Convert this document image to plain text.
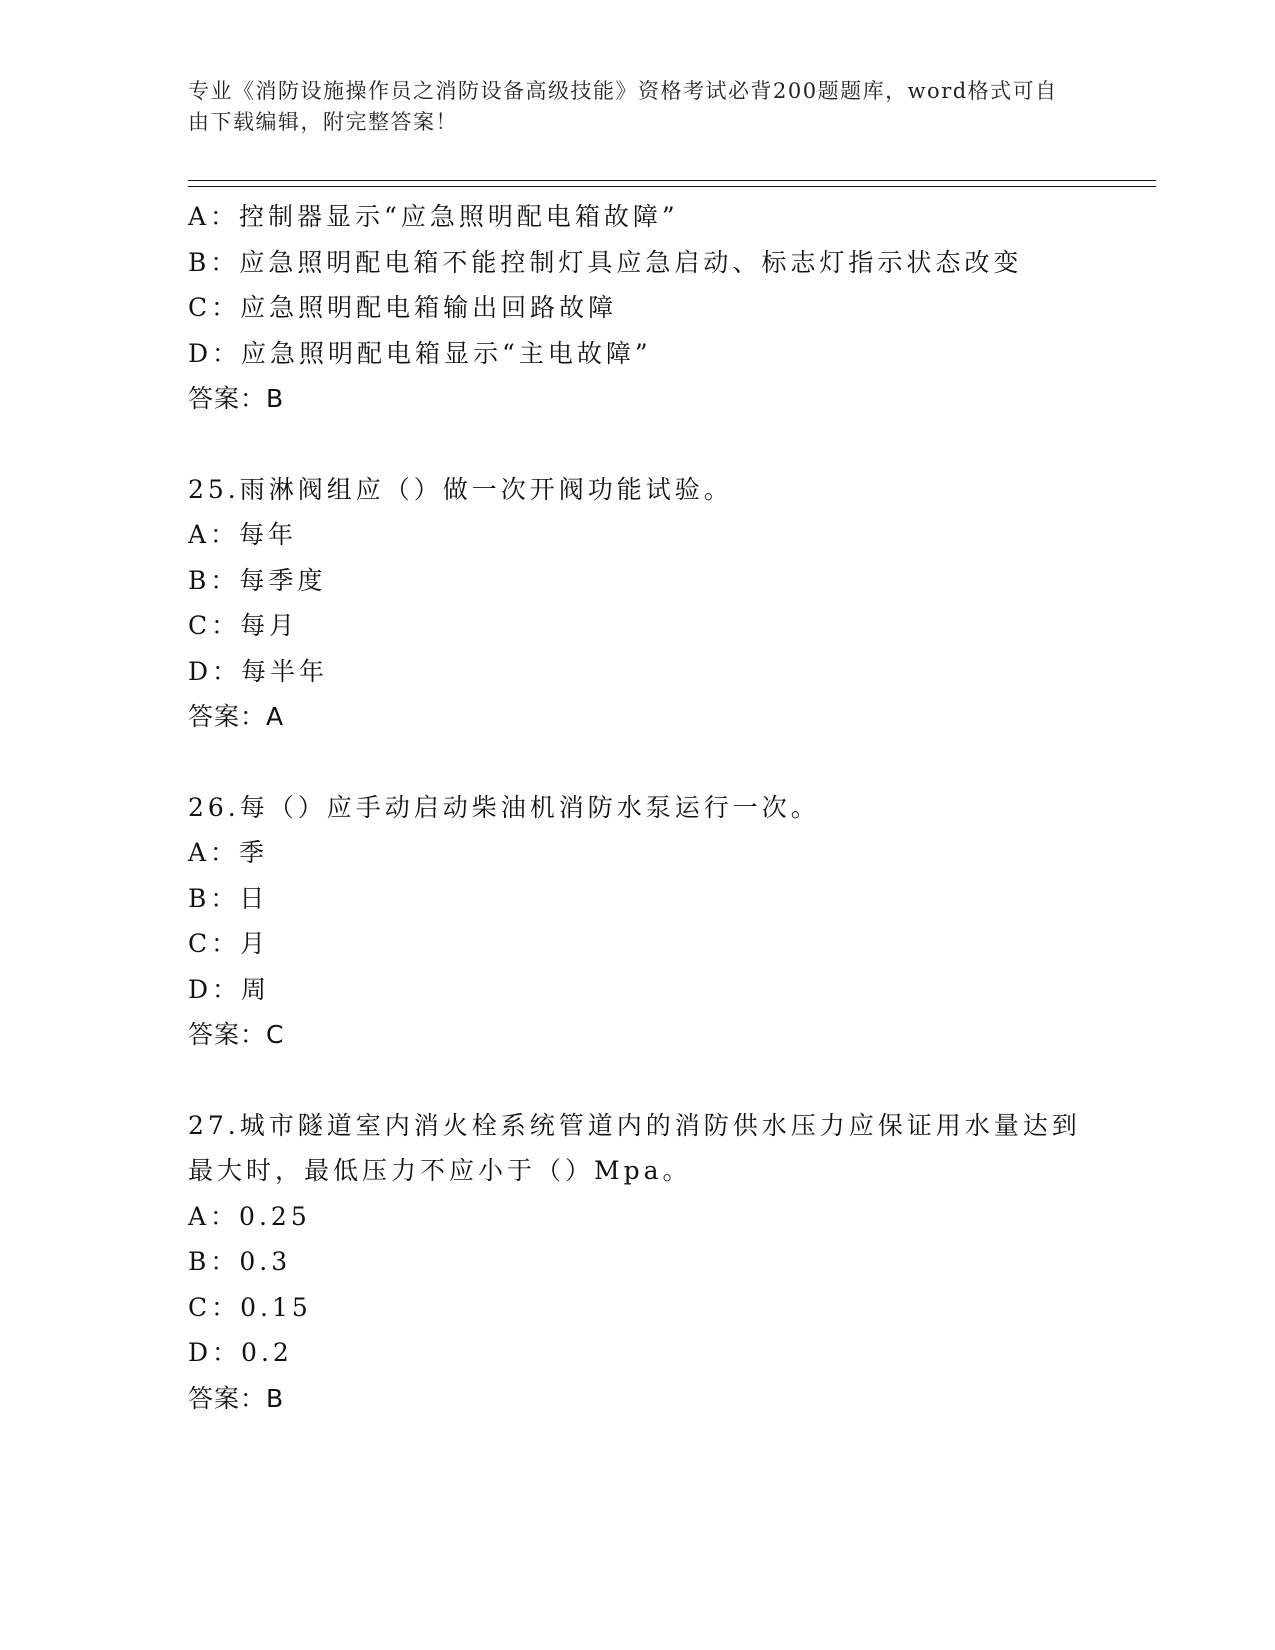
专业《消防设施操作员之消防设备高级技能》资格考试必背200题题库，word格式可自由下载编辑，附完整答案！
A：控制器显示“应急照明配电箱故障”
B：应急照明配电箱不能控制灯具应急启动、标志灯指示状态改变
C：应急照明配电箱输出回路故障
D：应急照明配电箱显示“主电故障”
答案：B
25.雨淋阀组应（）做一次开阀功能试验。
A：每年
B：每季度
C：每月
D：每半年
答案：A
26.每（）应手动启动柴油机消防水泵运行一次。
A：季
B：日
C：月
D：周
答案：C
27.城市隧道室内消火栓系统管道内的消防供水压力应保证用水量达到最大时，最低压力不应小于（）Mpa。
A：0.25
B：0.3
C：0.15
D：0.2
答案：B
